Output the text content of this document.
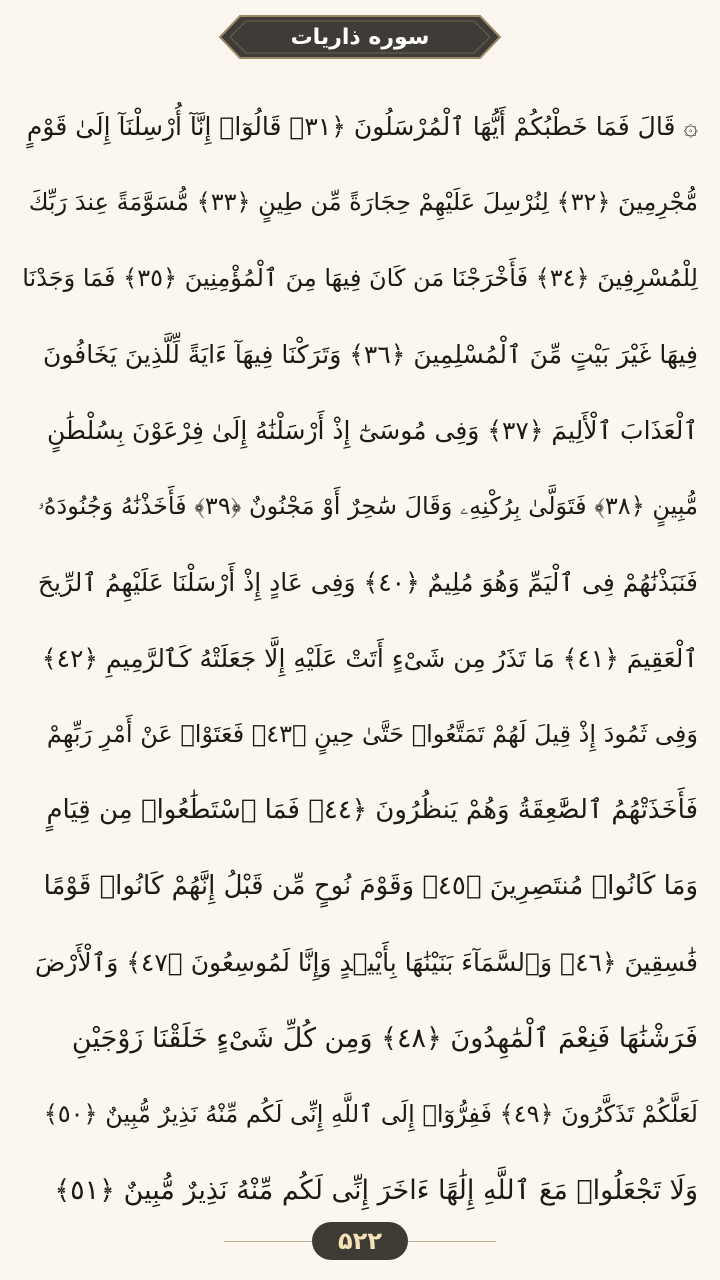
سوره ذاريات
۞ قَالَ فَمَا خَطْبُكُمْ أَيُّهَا ٱلْمُرْسَلُونَ ﴿٣١﴾ قَالُوٓا۟ إِنَّآ أُرْسِلْنَآ إِلَىٰ قَوْمٍ
مُّجْرِمِينَ ﴿٣٢﴾ لِنُرْسِلَ عَلَيْهِمْ حِجَارَةً مِّن طِينٍ ﴿٣٣﴾ مُّسَوَّمَةً عِندَ رَبِّكَ
لِلْمُسْرِفِينَ ﴿٣٤﴾ فَأَخْرَجْنَا مَن كَانَ فِيهَا مِنَ ٱلْمُؤْمِنِينَ ﴿٣٥﴾ فَمَا وَجَدْنَا
فِيهَا غَيْرَ بَيْتٍ مِّنَ ٱلْمُسْلِمِينَ ﴿٣٦﴾ وَتَرَكْنَا فِيهَآ ءَايَةً لِّلَّذِينَ يَخَافُونَ
ٱلْعَذَابَ ٱلْأَلِيمَ ﴿٣٧﴾ وَفِى مُوسَىٰٓ إِذْ أَرْسَلْنَٰهُ إِلَىٰ فِرْعَوْنَ بِسُلْطَٰنٍ
مُّبِينٍ ﴿٣٨﴾ فَتَوَلَّىٰ بِرُكْنِهِۦ وَقَالَ سَٰحِرٌ أَوْ مَجْنُونٌ ﴿٣٩﴾ فَأَخَذْنَٰهُ وَجُنُودَهُۥ
فَنَبَذْنَٰهُمْ فِى ٱلْيَمِّ وَهُوَ مُلِيمٌ ﴿٤٠﴾ وَفِى عَادٍ إِذْ أَرْسَلْنَا عَلَيْهِمُ ٱلرِّيحَ
ٱلْعَقِيمَ ﴿٤١﴾ مَا تَذَرُ مِن شَىْءٍ أَتَتْ عَلَيْهِ إِلَّا جَعَلَتْهُ كَٱلرَّمِيمِ ﴿٤٢﴾
وَفِى ثَمُودَ إِذْ قِيلَ لَهُمْ تَمَتَّعُوا۟ حَتَّىٰ حِينٍ ﴿٤٣﴾ فَعَتَوْا۟ عَنْ أَمْرِ رَبِّهِمْ
فَأَخَذَتْهُمُ ٱلصَّٰعِقَةُ وَهُمْ يَنظُرُونَ ﴿٤٤﴾ فَمَا ٱسْتَطَٰعُوا۟ مِن قِيَامٍ
وَمَا كَانُوا۟ مُنتَصِرِينَ ﴿٤٥﴾ وَقَوْمَ نُوحٍ مِّن قَبْلُ إِنَّهُمْ كَانُوا۟ قَوْمًا
فَٰسِقِينَ ﴿٤٦﴾ وَٱلسَّمَآءَ بَنَيْنَٰهَا بِأَيْي۟دٍ وَإِنَّا لَمُوسِعُونَ ﴿٤٧﴾ وَٱلْأَرْضَ
فَرَشْنَٰهَا فَنِعْمَ ٱلْمَٰهِدُونَ ﴿٤٨﴾ وَمِن كُلِّ شَىْءٍ خَلَقْنَا زَوْجَيْنِ
لَعَلَّكُمْ تَذَكَّرُونَ ﴿٤٩﴾ فَفِرُّوٓا۟ إِلَى ٱللَّهِ إِنِّى لَكُم مِّنْهُ نَذِيرٌ مُّبِينٌ ﴿٥٠﴾
وَلَا تَجْعَلُوا۟ مَعَ ٱللَّهِ إِلَٰهًا ءَاخَرَ إِنِّى لَكُم مِّنْهُ نَذِيرٌ مُّبِينٌ ﴿٥١﴾
۵۲۲
